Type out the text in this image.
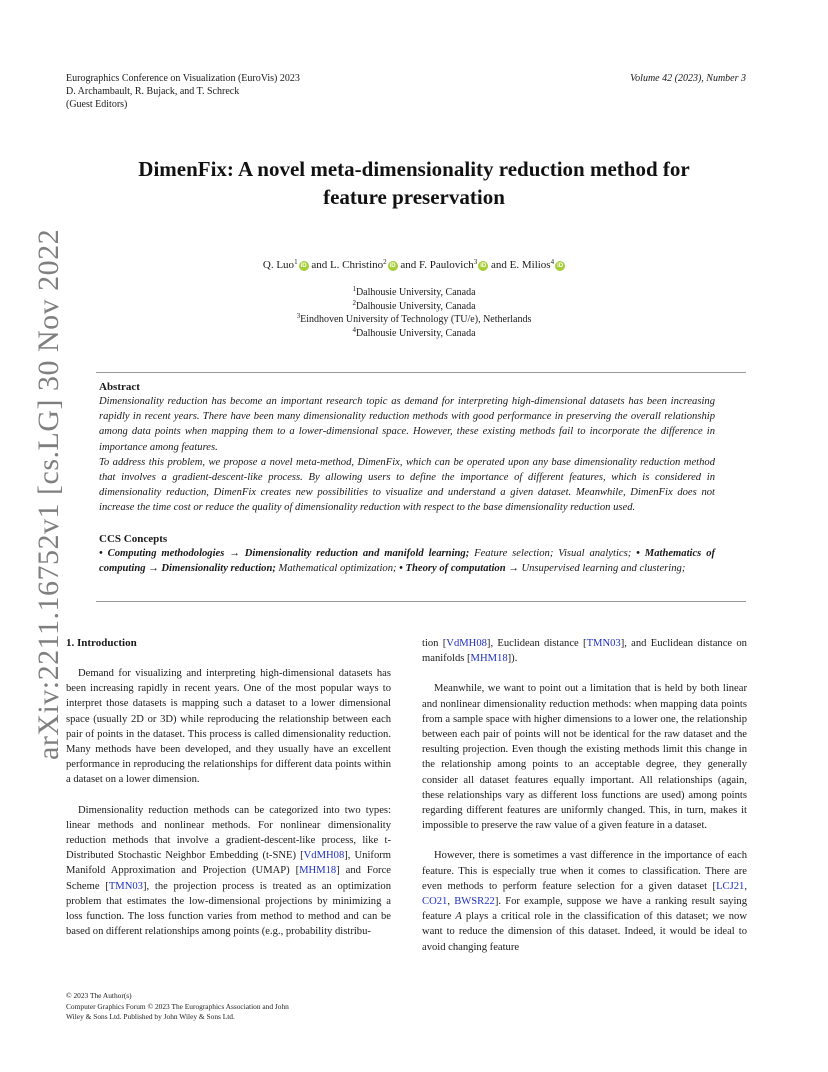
Eurographics Conference on Visualization (EuroVis) 2023
D. Archambault, R. Bujack, and T. Schreck
(Guest Editors)
Volume 42 (2023), Number 3
arXiv:2211.16752v1 [cs.LG] 30 Nov 2022
DimenFix: A novel meta-dimensionality reduction method for
feature preservation
Q. Luo$^1$ iD and L. Christino$^2$ iD and F. Paulovich$^3$ iD and E. Milios$^4$ iD
$^1$Dalhousie University, Canada
$^2$Dalhousie University, Canada
$^3$Eindhoven University of Technology (TU/e), Netherlands
$^4$Dalhousie University, Canada
Abstract

Dimensionality reduction has become an important research topic as demand for interpreting high-dimensional datasets has been increasing rapidly in recent years. There have been many dimensionality reduction methods with good performance in preserving the overall relationship among data points when mapping them to a lower-dimensional space. However, these existing methods fail to incorporate the difference in importance among features.

To address this problem, we propose a novel meta-method, DimenFix, which can be operated upon any base dimensionality reduction method that involves a gradient-descent-like process. By allowing users to define the importance of different features, which is considered in dimensionality reduction, DimenFix creates new possibilities to visualize and understand a given dataset. Meanwhile, DimenFix does not increase the time cost or reduce the quality of dimensionality reduction with respect to the base dimensionality reduction used.

CCS Concepts

• Computing methodologies → Dimensionality reduction and manifold learning; Feature selection; Visual analytics; • Mathematics of computing → Dimensionality reduction; Mathematical optimization; • Theory of computation → Unsupervised learning and clustering;

1. Introduction

Demand for visualizing and interpreting high-dimensional datasets has been increasing rapidly in recent years. One of the most popular ways to interpret those datasets is mapping such a dataset to a lower dimensional space (usually 2D or 3D) while reproducing the relationship between each pair of points in the dataset. This process is called dimensionality reduction. Many methods have been developed, and they usually have an excellent performance in reproducing the relationships for different data points within a dataset on a lower dimension.

Dimensionality reduction methods can be categorized into two types: linear methods and nonlinear methods. For nonlinear dimensionality reduction methods that involve a gradient-descent-like process, like t-Distributed Stochastic Neighbor Embedding (t-SNE) [VdMH08], Uniform Manifold Approximation and Projection (UMAP) [MHM18] and Force Scheme [TMN03], the projection process is treated as an optimization problem that estimates the low-dimensional projections by minimizing a loss function. The loss function varies from method to method and can be based on different relationships among points (e.g., probability distribu-

tion [VdMH08], Euclidean distance [TMN03], and Euclidean distance on manifolds [MHM18]).

Meanwhile, we want to point out a limitation that is held by both linear and nonlinear dimensionality reduction methods: when mapping data points from a sample space with higher dimensions to a lower one, the relationship between each pair of points will not be identical for the raw dataset and the resulting projection. Even though the existing methods limit this change in the relationship among points to an acceptable degree, they generally consider all dataset features equally important. All relationships (again, these relationships vary as different loss functions are used) among points regarding different features are uniformly changed. This, in turn, makes it impossible to preserve the raw value of a given feature in a dataset.

However, there is sometimes a vast difference in the importance of each feature. This is especially true when it comes to classification. There are even methods to perform feature selection for a given dataset [LCJ21, CO21, BWSR22]. For example, suppose we have a ranking result saying feature A plays a critical role in the classification of this dataset; we now want to reduce the dimension of this dataset. Indeed, it would be ideal to avoid changing feature

© 2023 The Author(s)
Computer Graphics Forum © 2023 The Eurographics Association and John
Wiley & Sons Ltd. Published by John Wiley & Sons Ltd.
